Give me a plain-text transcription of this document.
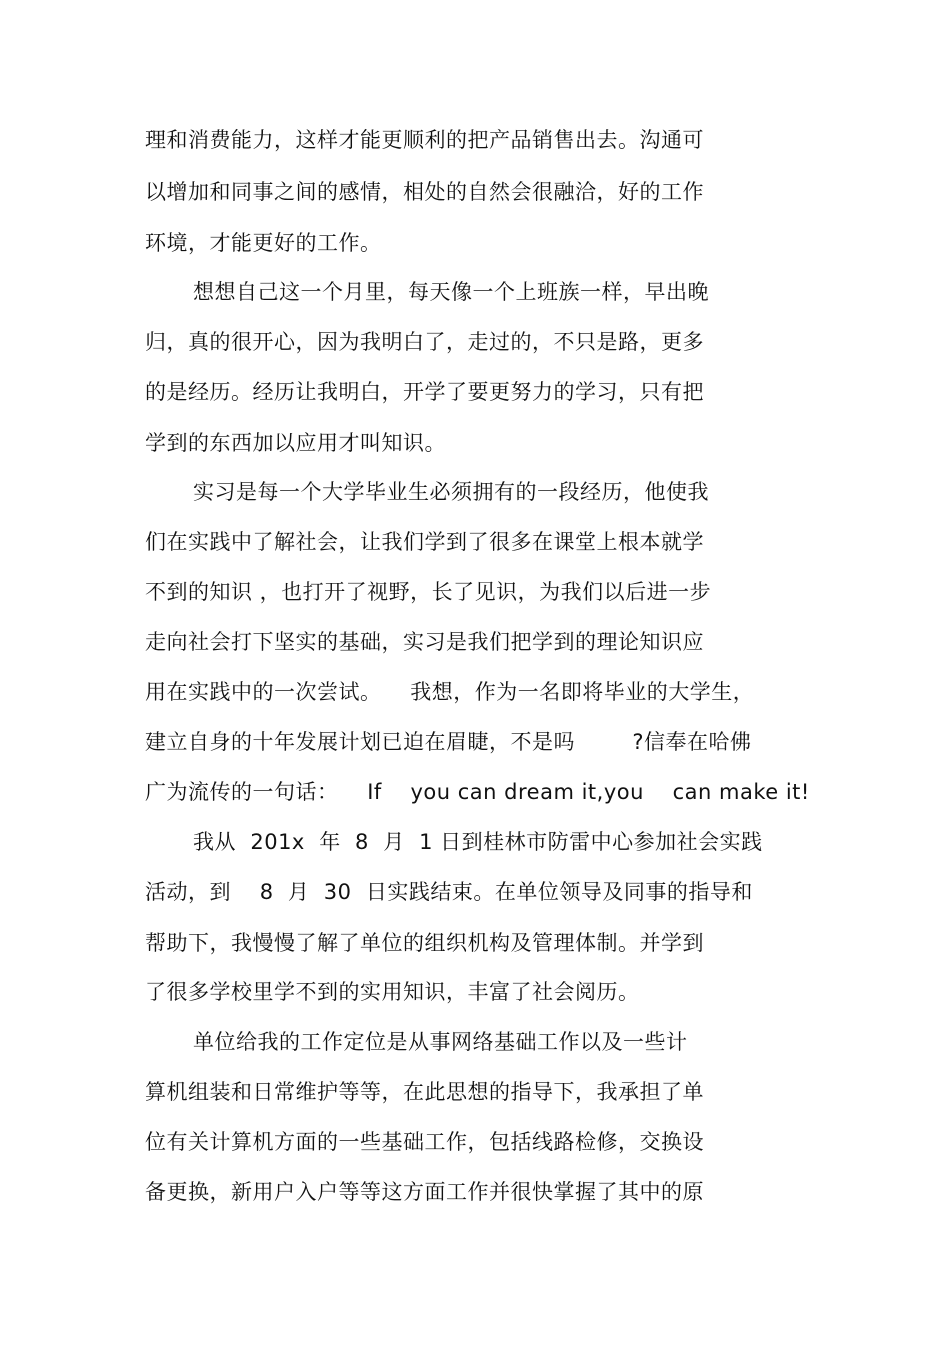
理和消费能力，这样才能更顺利的把产品销售出去。沟通可
以增加和同事之间的感情，相处的自然会很融洽，好的工作
环境，才能更好的工作。
想想自己这一个月里，每天像一个上班族一样，早出晚
归，真的很开心，因为我明白了，走过的，不只是路，更多
的是经历。经历让我明白，开学了要更努力的学习，只有把
学到的东西加以应用才叫知识。
实习是每一个大学毕业生必须拥有的一段经历，他使我
们在实践中了解社会，让我们学到了很多在课堂上根本就学
不到的知识 ，也打开了视野，长了见识，为我们以后进一步
走向社会打下坚实的基础，实习是我们把学到的理论知识应
用在实践中的一次尝试。    我想，作为一名即将毕业的大学生，
建立自身的十年发展计划已迫在眉睫，不是吗        ?信奉在哈佛
广为流传的一句话：    If    you can dream it,you    can make it!
我从  201x  年  8  月  1 日到桂林市防雷中心参加社会实践
活动，到    8  月  30  日实践结束。在单位领导及同事的指导和
帮助下，我慢慢了解了单位的组织机构及管理体制。并学到
了很多学校里学不到的实用知识，丰富了社会阅历。
单位给我的工作定位是从事网络基础工作以及一些计
算机组装和日常维护等等，在此思想的指导下，我承担了单
位有关计算机方面的一些基础工作，包括线路检修，交换设
备更换，新用户入户等等这方面工作并很快掌握了其中的原
